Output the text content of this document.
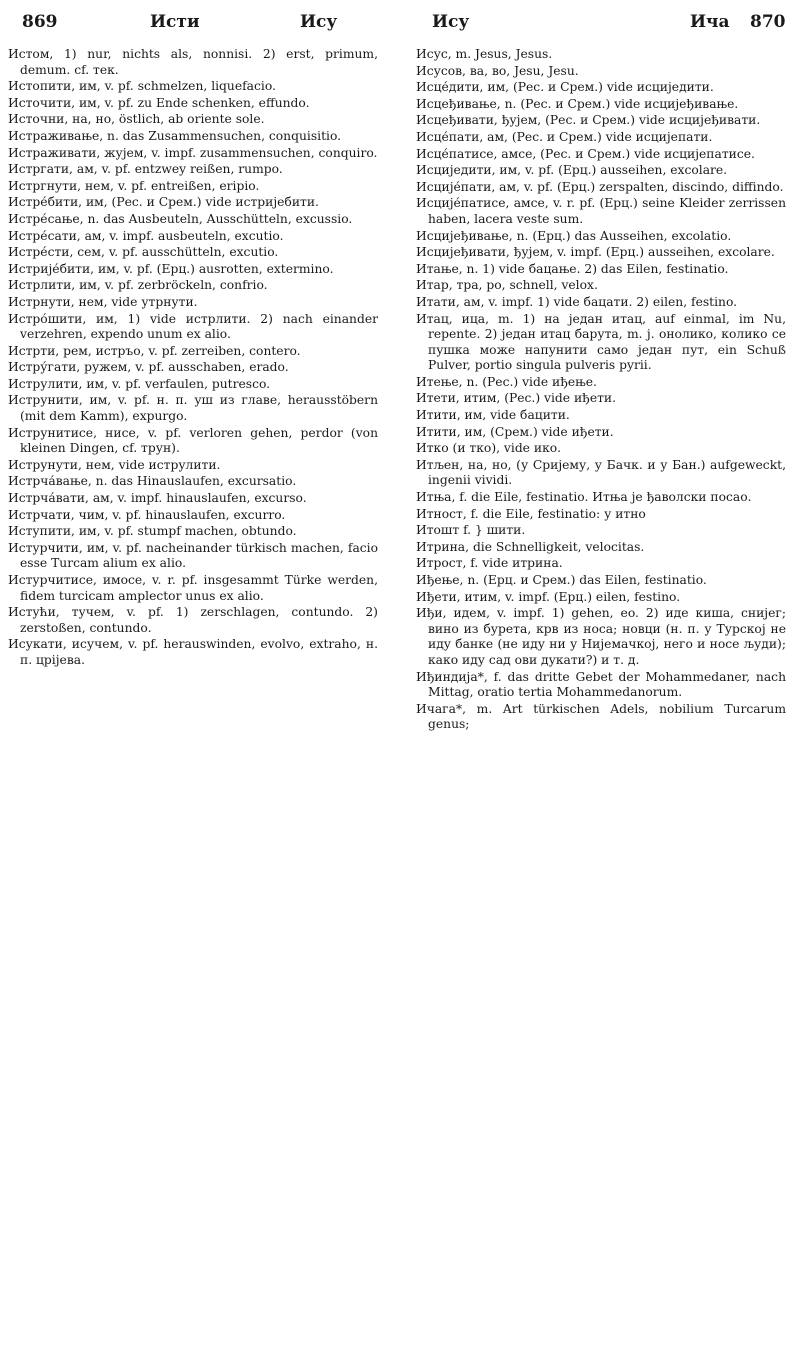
869	Исти	Ису	Ису	Ича 870

Истом, 1) nur, nichts als, nonnisi. 2) erst, primum, demum. cf. тек.

Истопити, им, v. pf. schmelzen, liquefacio.

Источити, им, v. pf. zu Ende schenken, effundo.

Источни, на, но, östlich, ab oriente sole.

Истраживање, n. das Zusammensuchen, conquisitio.

Истраживати, жујем, v. impf. zusammensuchen, conquiro.

Истргати, ам, v. pf. entzwey reißen, rumpo.

Истргнути, нем, v. pf. entreißen, eripio.

Истре́бити, им, (Рес. и Срем.) vide истриjебити.

Истре́сање, n. das Ausbeuteln, Ausschütteln, excussio.

Истре́сати, ам, v. impf. ausbeuteln, excutio.

Истре́сти, сем, v. pf. ausschütteln, excutio.

Истриjе́бити, им, v. pf. (Ерц.) ausrotten, extermino.

Истрлити, им, v. pf. zerbröckeln, confrio.

Истрнути, нем, vide утрнути.

Истро́шити, им, 1) vide истрлити. 2) nach einander verzehren, expendo unum ex alio.

Истрти, рем, истръо, v. pf. zerreiben, contero.

Истру́гати, ружем, v. pf. ausschaben, erado.

Иструлити, им, v. pf. verfaulen, putresco.

Иструнити, им, v. pf. н. п. уш из главе, herausstöbern (mit dem Kamm), expurgo.

Иструнитисе, нисе, v. pf. verloren gehen, perdor (von kleinen Dingen, cf. трун).

Иструнути, нем, vide иструлити.

Истрча́вање, n. das Hinauslaufen, excursatio.

Истрча́вати, ам, v. impf. hinauslaufen, excurso.

Истрчати, чим, v. pf. hinauslaufen, excurro.

Иступити, им, v. pf. stumpf machen, obtundo.

Истурчити, им, v. pf. nacheinander türkisch machen, facio esse Turcam alium ex alio.

Истурчитисе, имосе, v. r. pf. insgesammt Türke werden, fidem turcicam amplector unus ex alio.

Истући, тучем, v. pf. 1) zerschlagen, contundo. 2) zerstoßen, contundo.

Исукати, исучем, v. pf. herauswinden, evolvo, extraho, н. п. црijева.

Исус, m. Jesus, Jesus.

Исусов, ва, во, Jesu, Jesu.

Исце́дити, им, (Рес. и Срем.) vide исциjедити.

Исцеђивање, n. (Рес. и Срем.) vide исциjеђивање.

Исцеђивати, ђуjем, (Рес. и Срем.) vide исциjеђивати.

Исце́пати, ам, (Рес. и Срем.) vide исциjепати.

Исце́патисе, амсе, (Рес. и Срем.) vide исциjепатисе.

Исциjедити, им, v. pf. (Ерц.) ausseihen, excolare.

Исциjе́пати, ам, v. pf. (Ерц.) zerspalten, discindo, diffindo.

Исциjе́патисе, амсе, v. r. pf. (Ерц.) seine Kleider zerrissen haben, lacera veste sum.

Исциjеђивање, n. (Ерц.) das Ausseihen, excolatio.

Исциjеђивати, ђуjем, v. impf. (Ерц.) ausseihen, excolare.

Итање, n. 1) vide бацање. 2) das Eilen, festinatio.

Итар, тра, ро, schnell, velox.

Итати, ам, v. impf. 1) vide бацати. 2) eilen, festino.

Итац, ица, m. 1) на jедан итац, auf einmal, im Nu, repente. 2) jедан итац барута, m. j. онолико, колико се пушка може напунити само jедан пут, ein Schuß Pulver, portio singula pulveris pyrii.

Итење, n. (Рес.) vide иђење.

Итети, итим, (Рес.) vide иђети.

Итити, им, vide бацити.

Итити, им, (Срем.) vide иђети.

Итко (и тко), vide ико.

Итљен, на, но, (у Сриjему, у Бачк. и у Бан.) aufgeweckt, ingenii vividi.

Итња, f. die Eile, festinatio. Итња je ђаволски посао.

Итност, f. die Eile, festinatio: у итно

Итошт f. } шити.

Итрина, die Schnelligkeit, velocitas.

Итрост, f. vide итрина.

Иђење, n. (Ерц. и Срем.) das Eilen, festinatio.

Иђети, итим, v. impf. (Ерц.) eilen, festino.

Иђи, идем, v. impf. 1) gehen, eo. 2) иде киша, снијег; вино из бурета, крв из носа; новци (н. п. у Турској не иду банке (не иду ни у Нијемачкој, него и носе људи); како иду сад ови дукати?) и т. д.

Иђиндиjа*, f. das dritte Gebet der Mohammedaner, nach Mittag, oratio tertia Mohammedanorum.

Ичага*, m. Art türkischen Adels, nobilium Turcarum genus;
